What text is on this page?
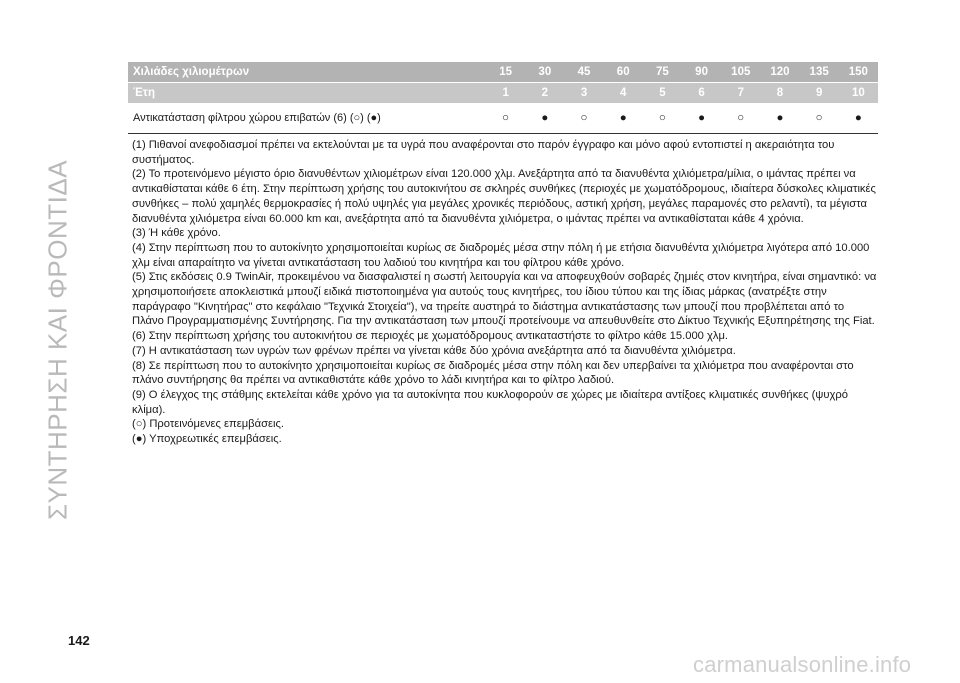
ΣΥΝΤΗΡΗΣΗ ΚΑΙ ΦΡΟΝΤΙΔΑ
Χιλιάδες χιλιομέτρων	15	30	45	60	75	90	105	120	135	150
Έτη	1	2	3	4	5	6	7	8	9	10
Αντικατάσταση φίλτρου χώρου επιβατών (6) (○) (●)	○	●	○	●	○	●	○	●	○	●

(1) Πιθανοί ανεφοδιασμοί πρέπει να εκτελούνται με τα υγρά που αναφέρονται στο παρόν έγγραφο και μόνο αφού εντοπιστεί η ακεραιότητα του συστήματος.

(2) Το προτεινόμενο μέγιστο όριο διανυθέντων χιλιομέτρων είναι 120.000 χλμ. Ανεξάρτητα από τα διανυθέντα χιλιόμετρα/μίλια, ο ιμάντας πρέπει να αντικαθίσταται κάθε 6 έτη. Στην περίπτωση χρήσης του αυτοκινήτου σε σκληρές συνθήκες (περιοχές με χωματόδρομους, ιδιαίτερα δύσκολες κλιματικές συνθήκες – πολύ χαμηλές θερμοκρασίες ή πολύ υψηλές για μεγάλες χρονικές περιόδους, αστική χρήση, μεγάλες παραμονές στο ρελαντί), τα μέγιστα διανυθέντα χιλιόμετρα είναι 60.000 km και, ανεξάρτητα από τα διανυθέντα χιλιόμετρα, ο ιμάντας πρέπει να αντικαθίσταται κάθε 4 χρόνια.

(3) Ή κάθε χρόνο.

(4) Στην περίπτωση που το αυτοκίνητο χρησιμοποιείται κυρίως σε διαδρομές μέσα στην πόλη ή με ετήσια διανυθέντα χιλιόμετρα λιγότερα από 10.000 χλμ είναι απαραίτητο να γίνεται αντικατάσταση του λαδιού του κινητήρα και του φίλτρου κάθε χρόνο.

(5) Στις εκδόσεις 0.9 TwinAir, προκειμένου να διασφαλιστεί η σωστή λειτουργία και να αποφευχθούν σοβαρές ζημιές στον κινητήρα, είναι σημαντικό: να χρησιμοποιήσετε αποκλειστικά μπουζί ειδικά πιστοποιημένα για αυτούς τους κινητήρες, του ίδιου τύπου και της ίδιας μάρκας (ανατρέξτε στην παράγραφο "Κινητήρας" στο κεφάλαιο "Τεχνικά Στοιχεία"), να τηρείτε αυστηρά το διάστημα αντικατάστασης των μπουζί που προβλέπεται από το Πλάνο Προγραμματισμένης Συντήρησης. Για την αντικατάσταση των μπουζί προτείνουμε να απευθυνθείτε στο Δίκτυο Τεχνικής Εξυπηρέτησης της Fiat.

(6) Στην περίπτωση χρήσης του αυτοκινήτου σε περιοχές με χωματόδρομους αντικαταστήστε το φίλτρο κάθε 15.000 χλμ.

(7) Η αντικατάσταση των υγρών των φρένων πρέπει να γίνεται κάθε δύο χρόνια ανεξάρτητα από τα διανυθέντα χιλιόμετρα.

(8) Σε περίπτωση που το αυτοκίνητο χρησιμοποιείται κυρίως σε διαδρομές μέσα στην πόλη και δεν υπερβαίνει τα χιλιόμετρα που αναφέρονται στο πλάνο συντήρησης θα πρέπει να αντικαθιστάτε κάθε χρόνο το λάδι κινητήρα και το φίλτρο λαδιού.

(9) Ο έλεγχος της στάθμης εκτελείται κάθε χρόνο για τα αυτοκίνητα που κυκλοφορούν σε χώρες με ιδιαίτερα αντίξοες κλιματικές συνθήκες (ψυχρό κλίμα).

(○) Προτεινόμενες επεμβάσεις.

(●) Υποχρεωτικές επεμβάσεις.

142
carmanualsonline.info
